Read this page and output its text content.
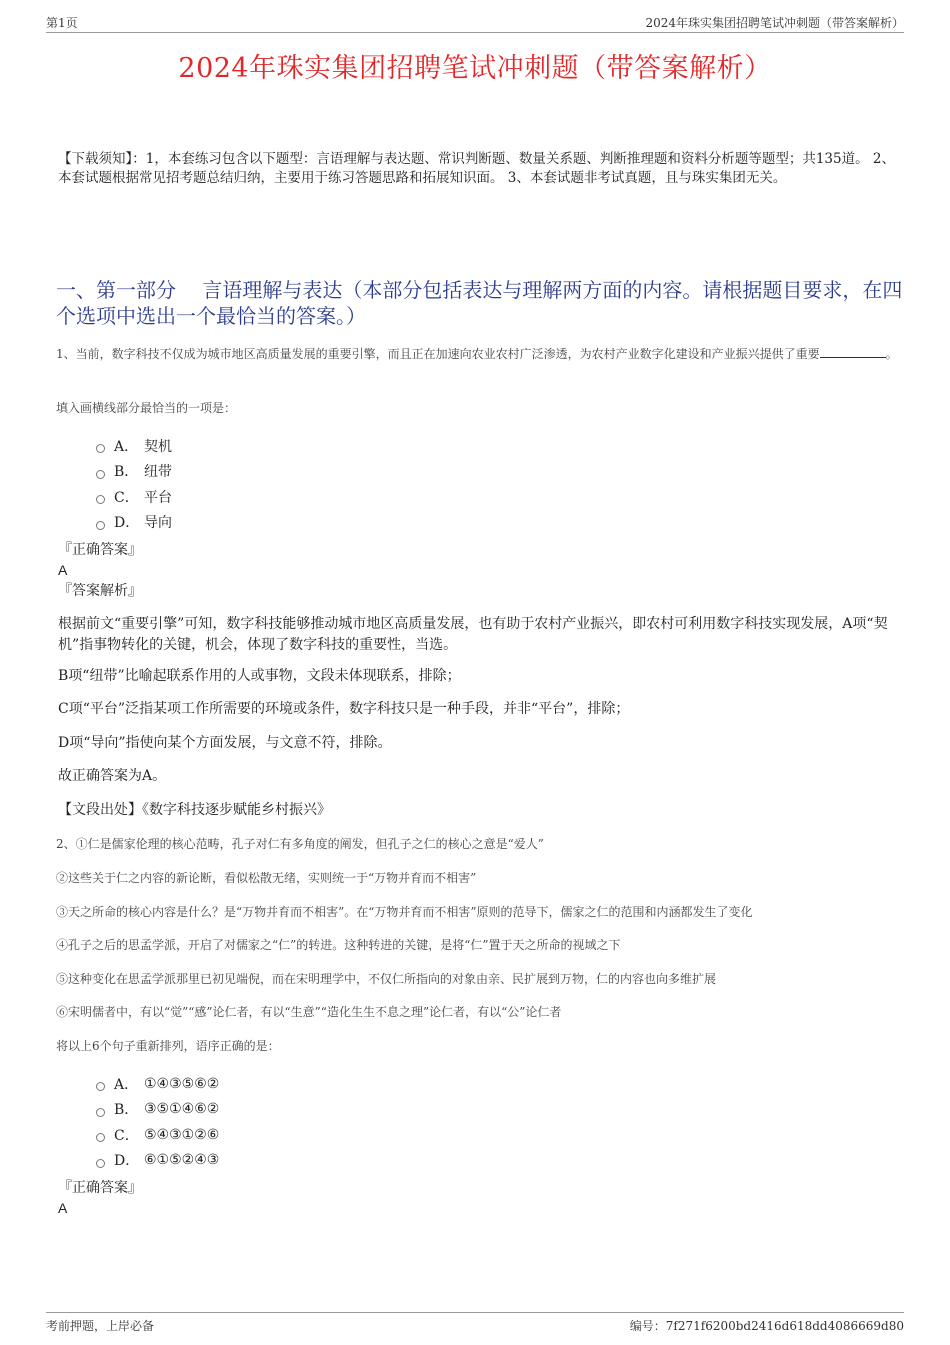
第1页	2024年珠实集团招聘笔试冲刺题（带答案解析）
2024年珠实集团招聘笔试冲刺题（带答案解析）
【下载须知】：1，本套练习包含以下题型：言语理解与表达题、常识判断题、数量关系题、判断推理题和资料分析题等题型；共135道。 2、本套试题根据常见招考题总结归纳，主要用于练习答题思路和拓展知识面。 3、本套试题非考试真题，且与珠实集团无关。
一、第一部分　 言语理解与表达（本部分包括表达与理解两方面的内容。请根据题目要求，在四个选项中选出一个最恰当的答案。）
1、当前，数字科技不仅成为城市地区高质量发展的重要引擎，而且正在加速向农业农村广泛渗透，为农村产业数字化建设和产业振兴提供了重要	。
填入画横线部分最恰当的一项是：
A． 契机
B． 纽带
C． 平台
D． 导向
『正确答案』
A
『答案解析』
根据前文“重要引擎”可知，数字科技能够推动城市地区高质量发展，也有助于农村产业振兴，即农村可利用数字科技实现发展，A项“契机”指事物转化的关键，机会，体现了数字科技的重要性，当选。
B项“纽带”比喻起联系作用的人或事物，文段未体现联系，排除；
C项“平台”泛指某项工作所需要的环境或条件，数字科技只是一种手段，并非“平台”，排除；
D项“导向”指使向某个方面发展，与文意不符，排除。
故正确答案为A。
【文段出处】《数字科技逐步赋能乡村振兴》
2、①仁是儒家伦理的核心范畴，孔子对仁有多角度的阐发，但孔子之仁的核心之意是“爱人”
②这些关于仁之内容的新论断，看似松散无绪，实则统一于“万物并育而不相害”
③天之所命的核心内容是什么？是“万物并育而不相害”。在“万物并育而不相害”原则的范导下，儒家之仁的范围和内涵都发生了变化
④孔子之后的思孟学派，开启了对儒家之“仁”的转进。这种转进的关键，是将“仁”置于天之所命的视域之下
⑤这种变化在思孟学派那里已初见端倪，而在宋明理学中，不仅仁所指向的对象由亲、民扩展到万物，仁的内容也向多维扩展
⑥宋明儒者中，有以“觉”“感”论仁者，有以“生意”“造化生生不息之理”论仁者，有以“公”论仁者
将以上6个句子重新排列，语序正确的是：
A． ①④③⑤⑥②
B． ③⑤①④⑥②
C． ⑤④③①②⑥
D． ⑥①⑤②④③
『正确答案』
A
考前押题，上岸必备	编号：7f271f6200bd2416d618dd4086669d80
